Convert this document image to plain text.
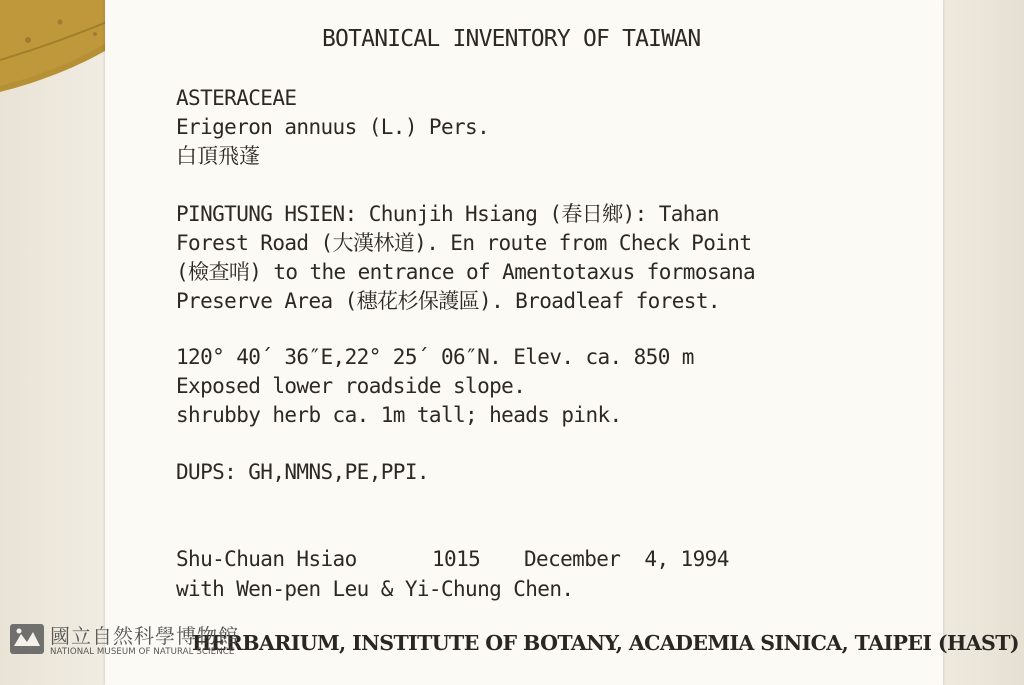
BOTANICAL INVENTORY OF TAIWAN
ASTERACEAE
Erigeron annuus (L.) Pers.
白頂飛蓬
PINGTUNG HSIEN: Chunjih Hsiang (春日鄉): Tahan
Forest Road (大漢林道). En route from Check Point
(檢查哨) to the entrance of Amentotaxus formosana
Preserve Area (穗花杉保護區). Broadleaf forest.
120° 40´ 36″E,22° 25´ 06″N. Elev. ca. 850 m
Exposed lower roadside slope.
shrubby herb ca. 1m tall; heads pink.
DUPS: GH,NMNS,PE,PPI.
Shu-Chuan Hsiao	1015 December  4, 1994
with Wen-pen Leu & Yi-Chung Chen.
HERBARIUM, INSTITUTE OF BOTANY, ACADEMIA SINICA, TAIPEI (HAST)
國立自然科學博物館
NATIONAL MUSEUM OF NATURAL SCIENCE
